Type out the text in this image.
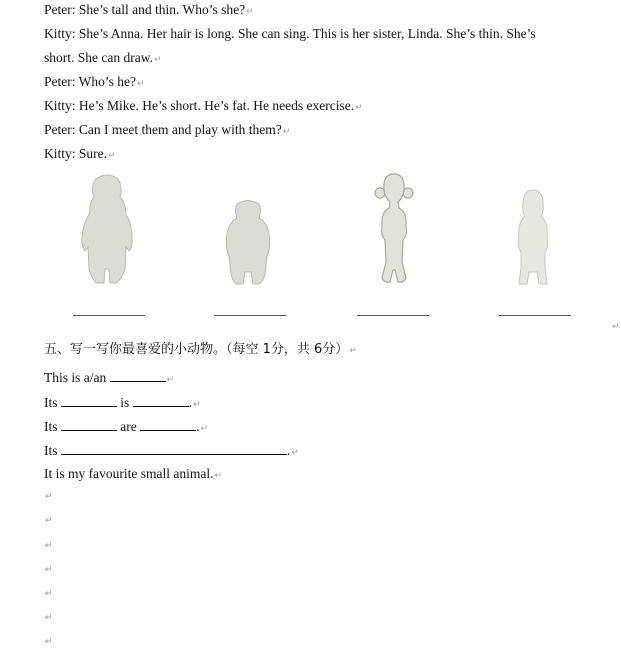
Peter: She’s tall and thin. Who’s she?↵
Kitty: She’s Anna. Her hair is long. She can sing. This is her sister, Linda. She’s thin. She’s
short. She can draw.↵
Peter: Who’s he?↵
Kitty: He’s Mike. He’s short. He’s fat. He needs exercise.↵
Peter: Can I meet them and play with them?↵
Kitty: Sure.↵
↵
五、写一写你最喜爱的小动物。（每空 1分，共 6分）↵
This is a/an	↵
Its	is	.↵
Its	are	.↵
Its	.↵
It is my favourite small animal.↵
↵
↵
↵
↵
↵
↵
↵
